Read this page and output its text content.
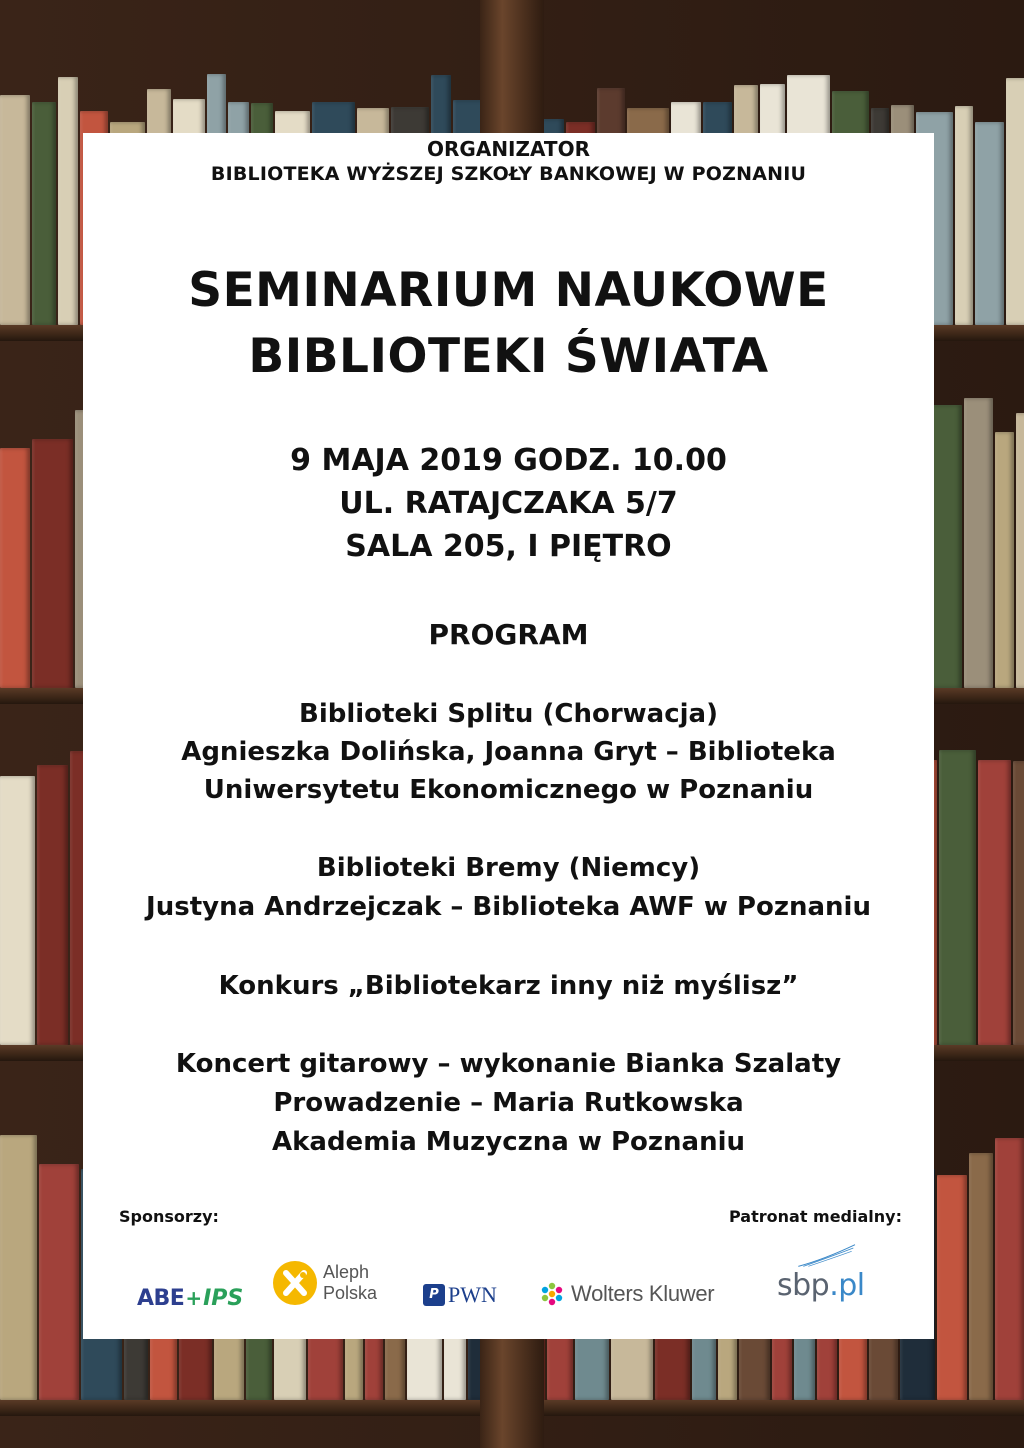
ORGANIZATOR
BIBLIOTEKA WYŻSZEJ SZKOŁY BANKOWEJ W POZNANIU
SEMINARIUM NAUKOWE
BIBLIOTEKI ŚWIATA
9 MAJA 2019 GODZ. 10.00
UL. RATAJCZAKA 5/7
SALA 205, I PIĘTRO
PROGRAM
Biblioteki Splitu (Chorwacja)
Agnieszka Dolińska, Joanna Gryt – Biblioteka
Uniwersytetu Ekonomicznego w Poznaniu
Biblioteki Bremy (Niemcy)
Justyna Andrzejczak – Biblioteka AWF w Poznaniu
Konkurs „Bibliotekarz inny niż myślisz”
Koncert gitarowy – wykonanie Bianka Szalaty
Prowadzenie – Maria Rutkowska
Akademia Muzyczna w Poznaniu
Sponsorzy:	Patronat medialny:
ABE + IPS
Aleph
Polska	P PWN	Wolters Kluwer sbp.pl
